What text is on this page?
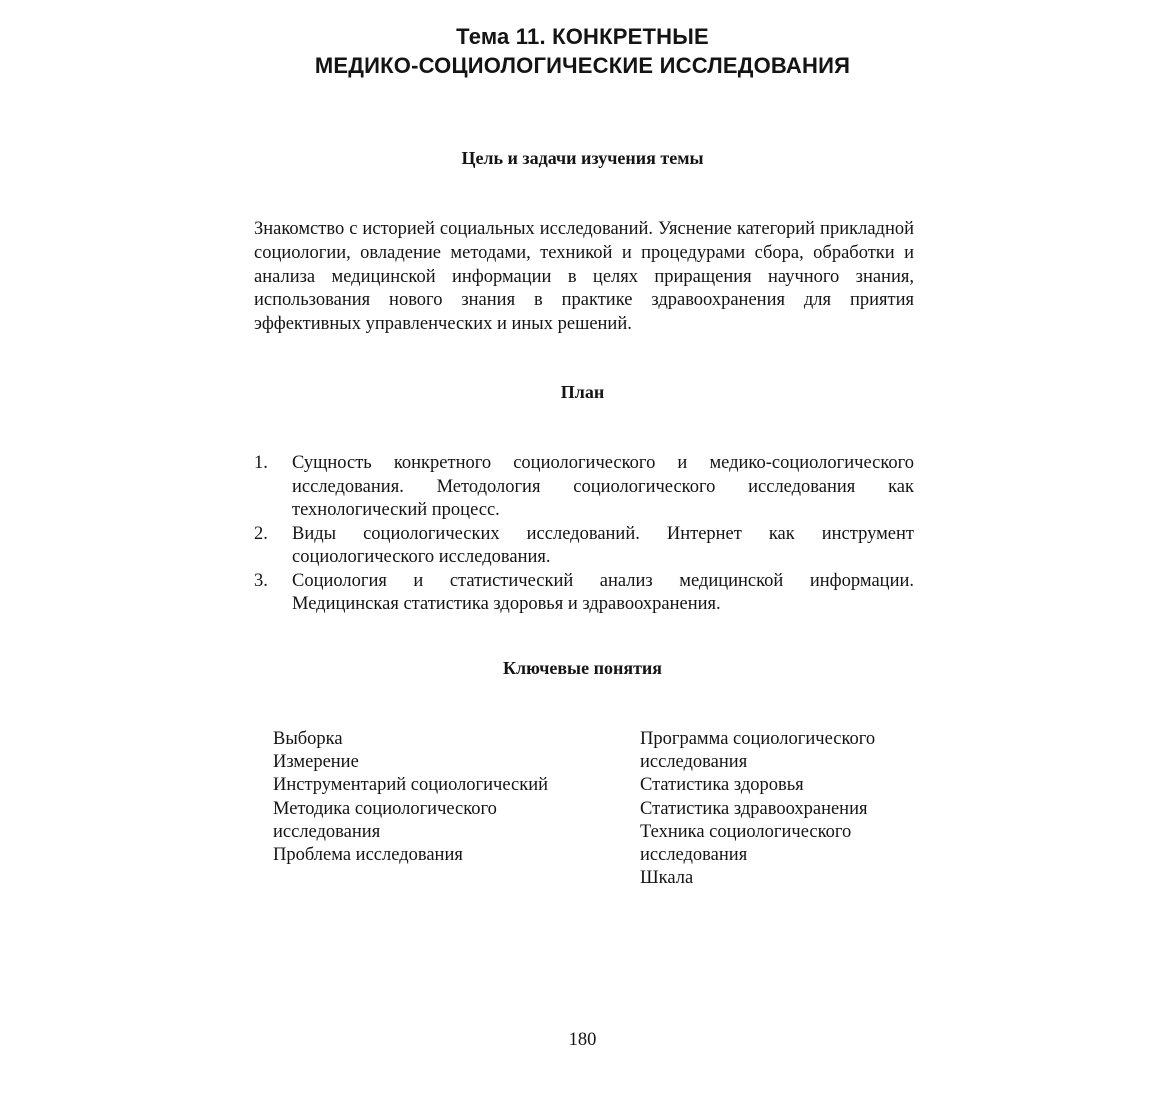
Тема 11. КОНКРЕТНЫЕ
МЕДИКО-СОЦИОЛОГИЧЕСКИЕ ИССЛЕДОВАНИЯ
Цель и задачи изучения темы

Знакомство с историей социальных исследований. Уяснение категорий прикладной социологии, овладение методами, техникой и процедурами сбора, обработки и анализа медицинской информации в целях приращения научного знания, использования нового знания в практике здравоохранения для приятия эффективных управленческих и иных решений.

План
1. Сущность конкретного социологического и медико-социологического исследования. Методология социологического исследования как технологический процесс.
2. Виды социологических исследований. Интернет как инструмент социологического исследования.
3. Социология и статистический анализ медицинской информации. Медицинская статистика здоровья и здравоохранения.
Ключевые понятия
Выборка
Измерение
Инструментарий социологический
Методика социологического исследования
Проблема исследования
Программа социологического исследования
Статистика здоровья
Статистика здравоохранения
Техника социологического исследования
Шкала
180
